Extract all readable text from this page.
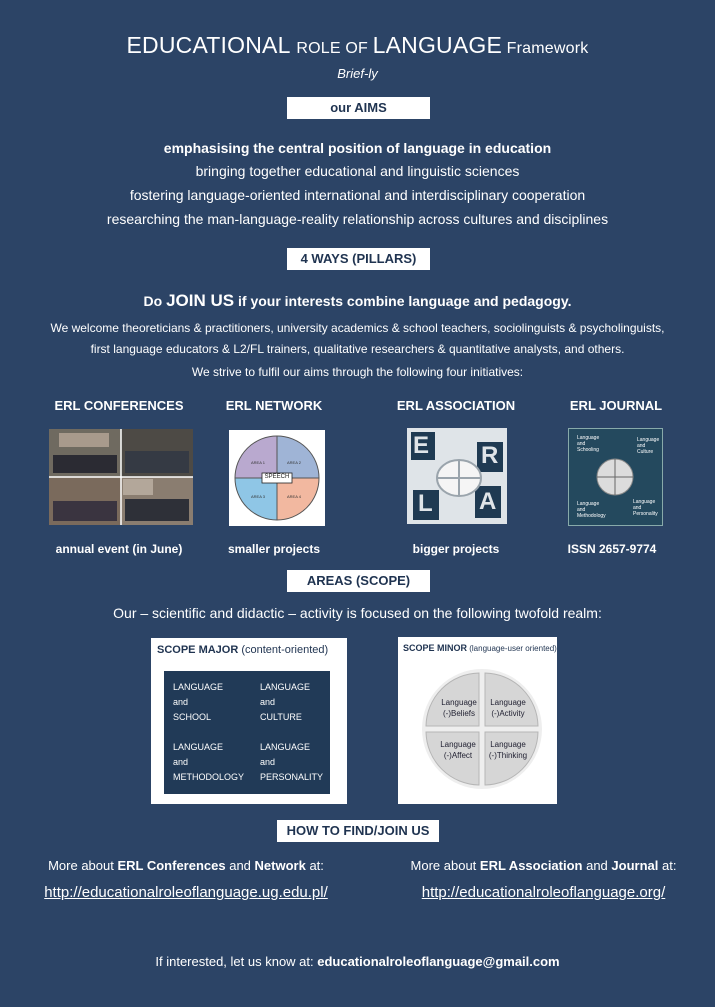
EDUCATIONAL ROLE OF LANGUAGE Framework
Brief-ly
our AIMS
emphasising the central position of language in education
bringing together educational and linguistic sciences
fostering language-oriented international and interdisciplinary cooperation
researching the man-language-reality relationship across cultures and disciplines
4 WAYS (PILLARS)
Do JOIN US if your interests combine language and pedagogy.
We welcome theoreticians & practitioners, university academics & school teachers, sociolinguists & psycholinguists,
first language educators & L2/FL trainers, qualitative researchers & quantitative analysts, and others.
We strive to fulfil our aims through the following four initiatives:
ERL CONFERENCES	ERL NETWORK	ERL ASSOCIATION	ERL JOURNAL
SPEECH
AREA 1	AREA 2
AREA 3	AREA 4
E R
L A
Language
and
Schooling
Language
and
Culture
Language
and
Methodology
Language
and
Personality
annual event (in June)	smaller projects	bigger projects	ISSN 2657-9774
AREAS (SCOPE)
Our – scientific and didactic – activity is focused on the following twofold realm:
SCOPE MAJOR (content-oriented)
LANGUAGE
and
SCHOOL
LANGUAGE
and
CULTURE
LANGUAGE
and
METHODOLOGY
LANGUAGE
and
PERSONALITY
SCOPE MINOR (language-user oriented)
Language
(-)Beliefs
Language
(-)Activity
Language
(-)Affect
Language
(-)Thinking
HOW TO FIND/JOIN US
More about ERL Conferences and Network at:	More about ERL Association and Journal at:
http://educationalroleoflanguage.ug.edu.pl/	http://educationalroleoflanguage.org/
If interested, let us know at: educationalroleoflanguage@gmail.com
